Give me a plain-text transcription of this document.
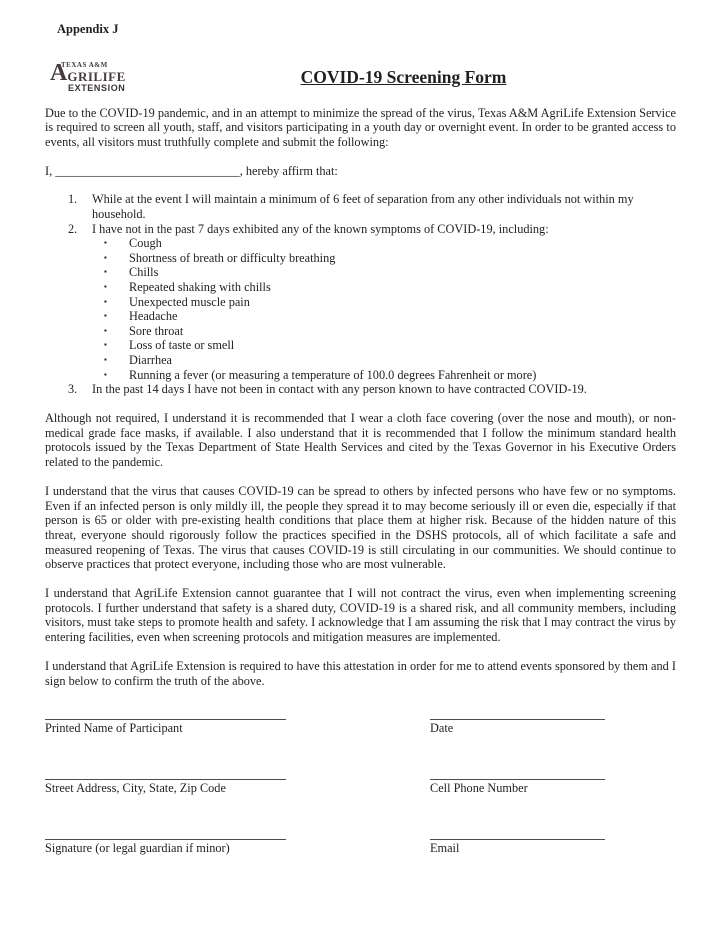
Appendix J
TEXAS A&M
A GRILIFE
EXTENSION
COVID-19 Screening Form

Due to the COVID-19 pandemic, and in an attempt to minimize the spread of the virus, Texas A&M AgriLife Extension Service is required to screen all youth, staff, and visitors participating in a youth day or overnight event. In order to be granted access to events, all visitors must truthfully complete and submit the following:

I, ______________________________, hereby affirm that:
1.	While at the event I will maintain a minimum of 6 feet of separation from any other individuals not within my household.
2.	I have not in the past 7 days exhibited any of the known symptoms of COVID-19, including:
▪	Cough
▪	Shortness of breath or difficulty breathing
▪	Chills
▪	Repeated shaking with chills
▪	Unexpected muscle pain
▪	Headache
▪	Sore throat
▪	Loss of taste or smell
▪	Diarrhea
▪	Running a fever (or measuring a temperature of 100.0 degrees Fahrenheit or more)
3.	In the past 14 days I have not been in contact with any person known to have contracted COVID-19.

Although not required, I understand it is recommended that I wear a cloth face covering (over the nose and mouth), or non-medical grade face masks, if available. I also understand that it is recommended that I follow the minimum standard health protocols issued by the Texas Department of State Health Services and cited by the Texas Governor in his Executive Orders related to the pandemic.

I understand that the virus that causes COVID-19 can be spread to others by infected persons who have few or no symptoms. Even if an infected person is only mildly ill, the people they spread it to may become seriously ill or even die, especially if that person is 65 or older with pre-existing health conditions that place them at higher risk. Because of the hidden nature of this threat, everyone should rigorously follow the practices specified in the DSHS protocols, all of which facilitate a safe and measured reopening of Texas. The virus that causes COVID-19 is still circulating in our communities. We should continue to observe practices that protect everyone, including those who are most vulnerable.

I understand that AgriLife Extension cannot guarantee that I will not contract the virus, even when implementing screening protocols. I further understand that safety is a shared duty, COVID-19 is a shared risk, and all community members, including visitors, must take steps to promote health and safety. I acknowledge that I am assuming the risk that I may contract the virus by entering facilities, even when screening protocols and mitigation measures are implemented.

I understand that AgriLife Extension is required to have this attestation in order for me to attend events sponsored by them and I sign below to confirm the truth of the above.

Printed Name of Participant	Date
Street Address, City, State, Zip Code	Cell Phone Number
Signature (or legal guardian if minor)	Email
